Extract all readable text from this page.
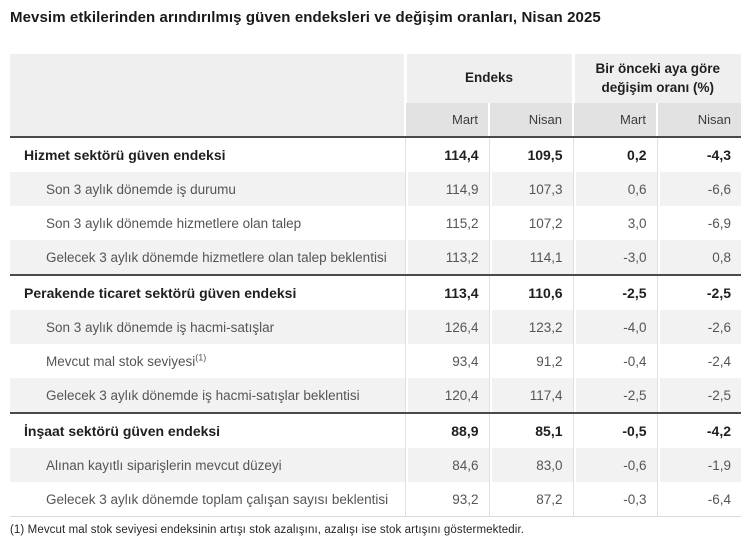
Mevsim etkilerinden arındırılmış güven endeksleri ve değişim oranları, Nisan 2025
	Endeks		Bir önceki aya göre değişim oranı (%)	
	Mart	Nisan	Mart	Nisan
Hizmet sektörü güven endeksi	114,4	109,5	0,2	-4,3
Son 3 aylık dönemde iş durumu	114,9	107,3	0,6	-6,6
Son 3 aylık dönemde hizmetlere olan talep	115,2	107,2	3,0	-6,9
Gelecek 3 aylık dönemde hizmetlere olan talep beklentisi	113,2	114,1	-3,0	0,8
Perakende ticaret sektörü güven endeksi	113,4	110,6	-2,5	-2,5
Son 3 aylık dönemde iş hacmi-satışlar	126,4	123,2	-4,0	-2,6
Mevcut mal stok seviyesi$^{(1)}$	93,4	91,2	-0,4	-2,4
Gelecek 3 aylık dönemde iş hacmi-satışlar beklentisi	120,4	117,4	-2,5	-2,5
İnşaat sektörü güven endeksi	88,9	85,1	-0,5	-4,2
Alınan kayıtlı siparişlerin mevcut düzeyi	84,6	83,0	-0,6	-1,9
Gelecek 3 aylık dönemde toplam çalışan sayısı beklentisi	93,2	87,2	-0,3	-6,4

(1) Mevcut mal stok seviyesi endeksinin artışı stok azalışını, azalışı ise stok artışını göstermektedir.
